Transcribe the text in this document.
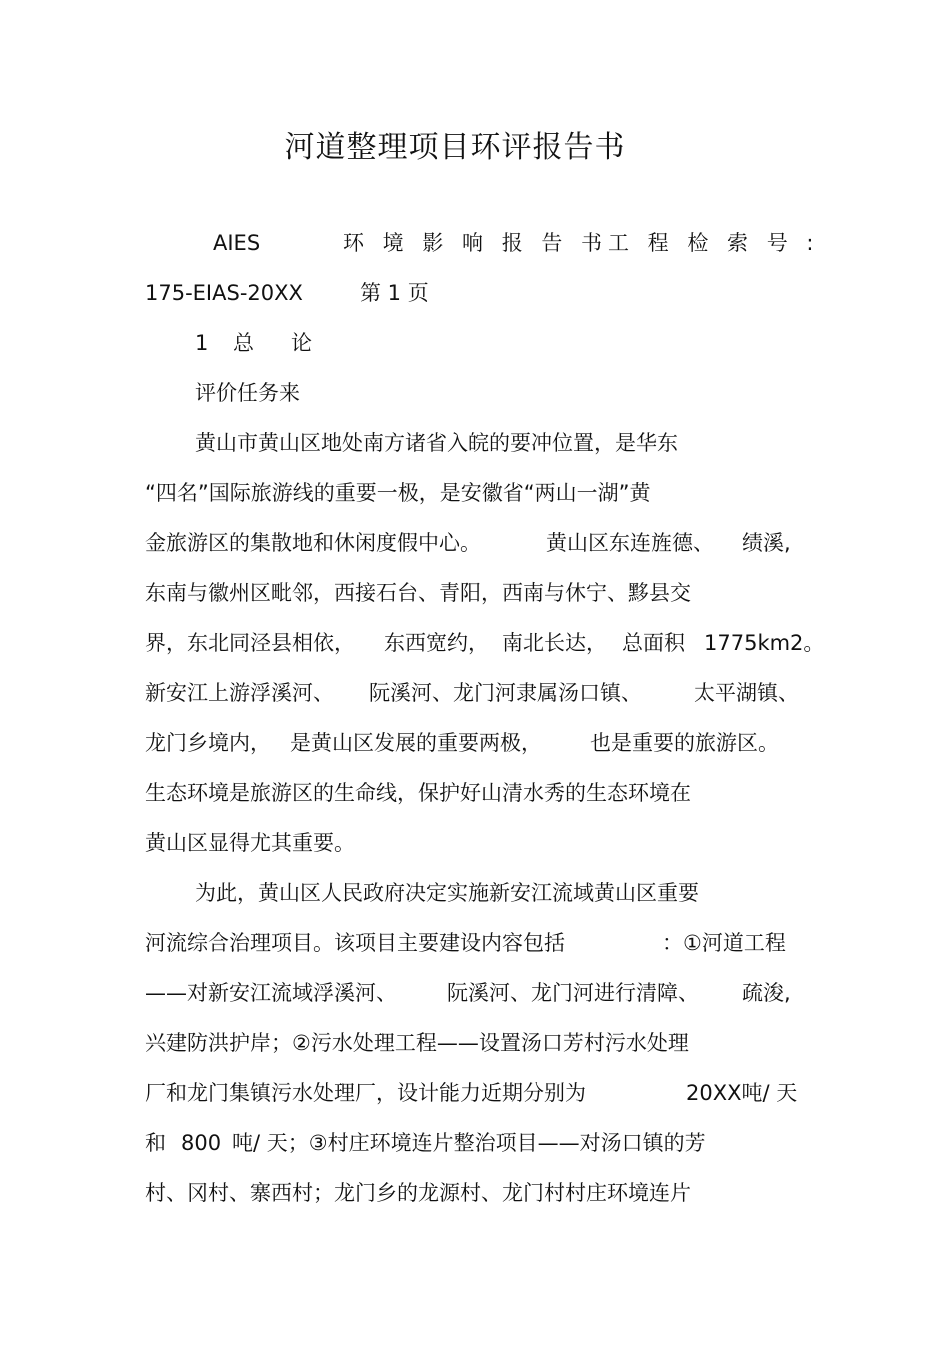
河道整理项目环评报告书
AIES	环 境 影 响 报 告 书 工 程 检 索 号 :
175-EIAS-20XX	第 1 页
1 总　论
评价任务来
黄山市黄山区地处南方诸省入皖的要冲位置，是华东
“四名”国际旅游线的重要一极，是安徽省“两山一湖”黄
金旅游区的集散地和休闲度假中心。	黄山区东连旌德、 绩溪,
东南与徽州区毗邻，西接石台、青阳，西南与休宁、黟县交
界，东北同泾县相依， 东西宽约， 南北长达， 总面积 1775km2。
新安江上游浮溪河、 阮溪河、龙门河隶属汤口镇、 太平湖镇、
龙门乡境内， 是黄山区发展的重要两极， 也是重要的旅游区。
生态环境是旅游区的生命线，保护好山清水秀的生态环境在
黄山区显得尤其重要。
为此，黄山区人民政府决定实施新安江流域黄山区重要
河流综合治理项目。该项目主要建设内容包括	：①河道工程
——对新安江流域浮溪河、 阮溪河、龙门河进行清障、 疏浚,
兴建防洪护岸；②污水处理工程——设置汤口芳村污水处理
厂和龙门集镇污水处理厂，设计能力近期分别为	20XX吨/ 天
和 800 吨/ 天；③村庄环境连片整治项目——对汤口镇的芳
村、冈村、寨西村；龙门乡的龙源村、龙门村村庄环境连片
